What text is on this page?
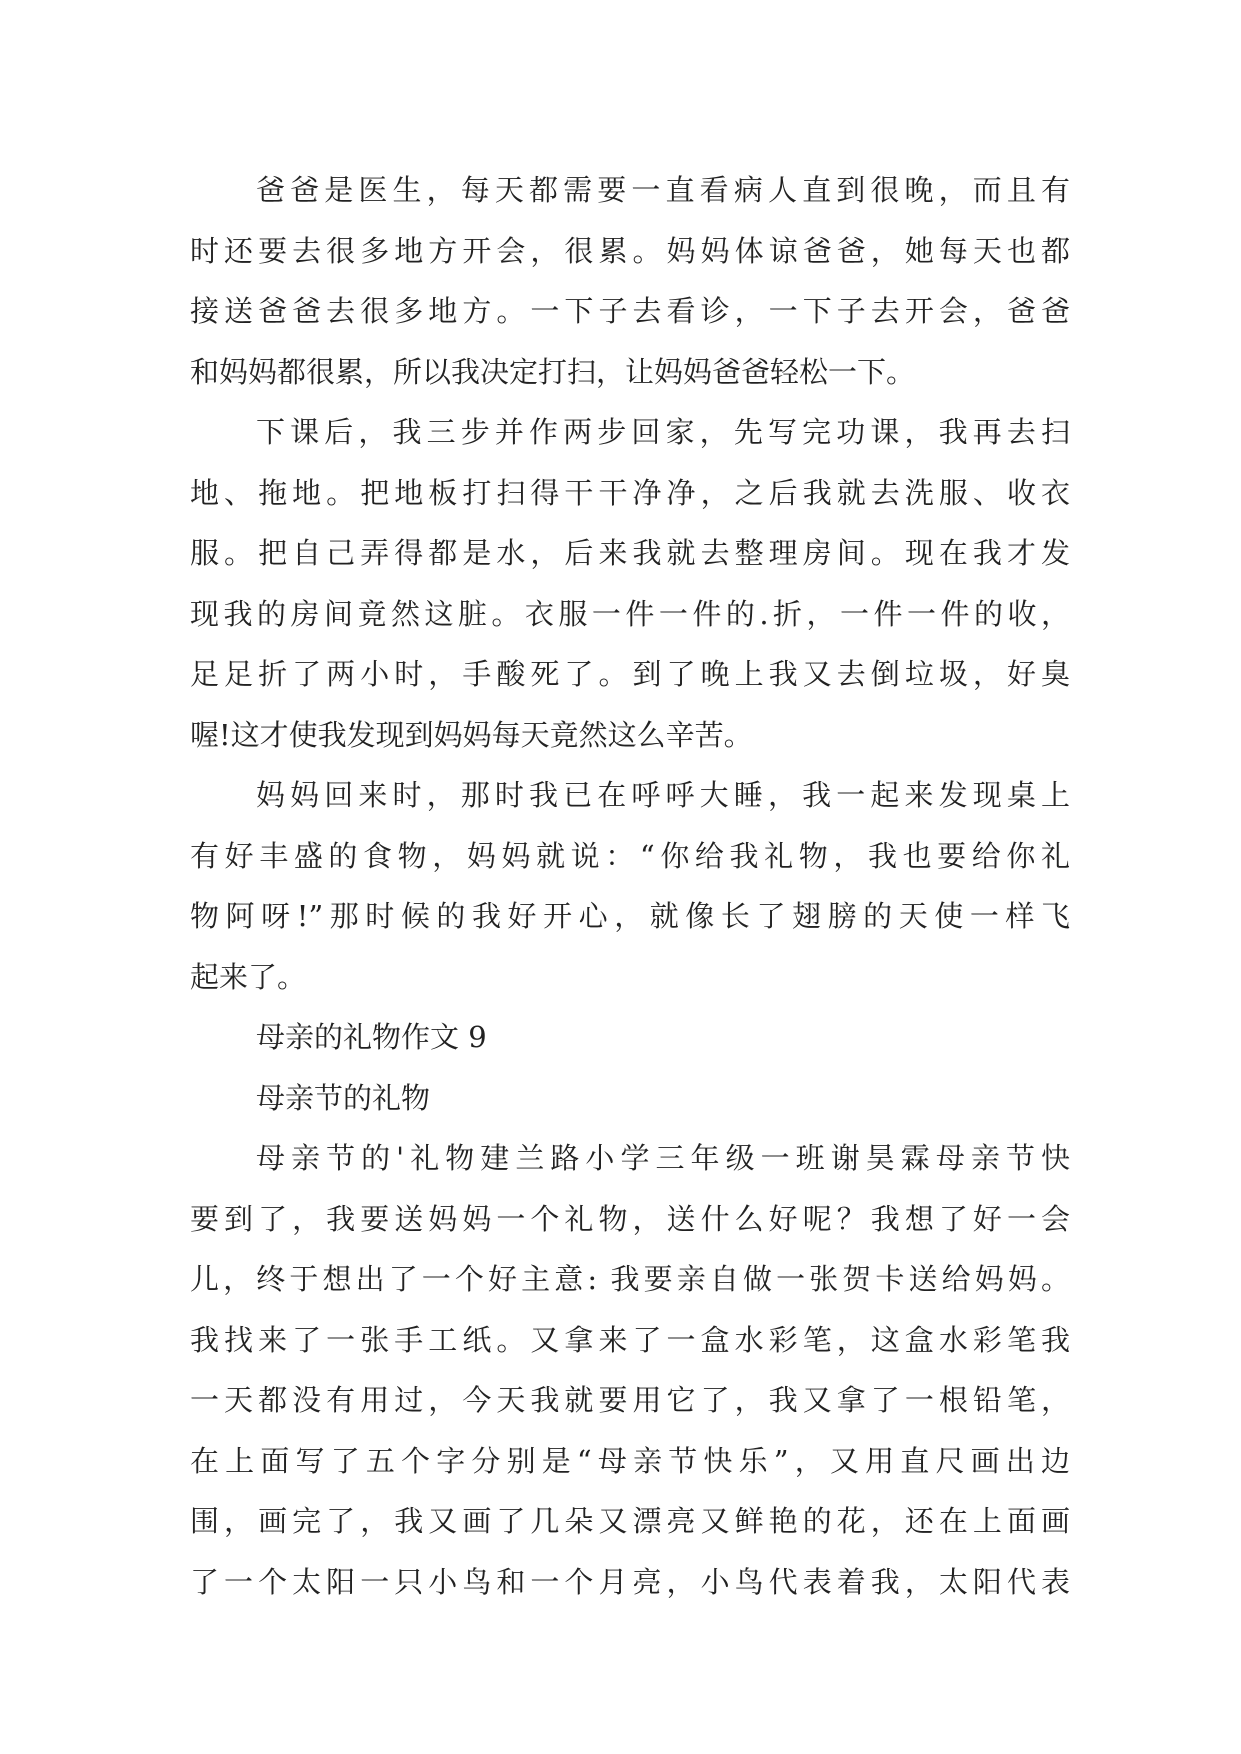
爸爸是医生，每天都需要一直看病人直到很晚，而且有
时还要去很多地方开会，很累。妈妈体谅爸爸，她每天也都
接送爸爸去很多地方。一下子去看诊，一下子去开会，爸爸
和妈妈都很累，所以我决定打扫，让妈妈爸爸轻松一下。
下课后，我三步并作两步回家，先写完功课，我再去扫
地、拖地。把地板打扫得干干净净，之后我就去洗服、收衣
服。把自己弄得都是水，后来我就去整理房间。现在我才发
现我的房间竟然这脏。衣服一件一件的.折，一件一件的收，
足足折了两小时，手酸死了。到了晚上我又去倒垃圾，好臭
喔!这才使我发现到妈妈每天竟然这么辛苦。
妈妈回来时，那时我已在呼呼大睡，我一起来发现桌上
有好丰盛的食物，妈妈就说：“你给我礼物，我也要给你礼
物阿呀!”那时候的我好开心，就像长了翅膀的天使一样飞
起来了。
母亲的礼物作文 9
母亲节的礼物
母亲节的'礼物建兰路小学三年级一班谢昊霖母亲节快
要到了，我要送妈妈一个礼物，送什么好呢？我想了好一会
儿，终于想出了一个好主意: 我要亲自做一张贺卡送给妈妈。
我找来了一张手工纸。又拿来了一盒水彩笔，这盒水彩笔我
一天都没有用过，今天我就要用它了，我又拿了一根铅笔，
在上面写了五个字分别是“母亲节快乐”，又用直尺画出边
围，画完了，我又画了几朵又漂亮又鲜艳的花，还在上面画
了一个太阳一只小鸟和一个月亮，小鸟代表着我，太阳代表
